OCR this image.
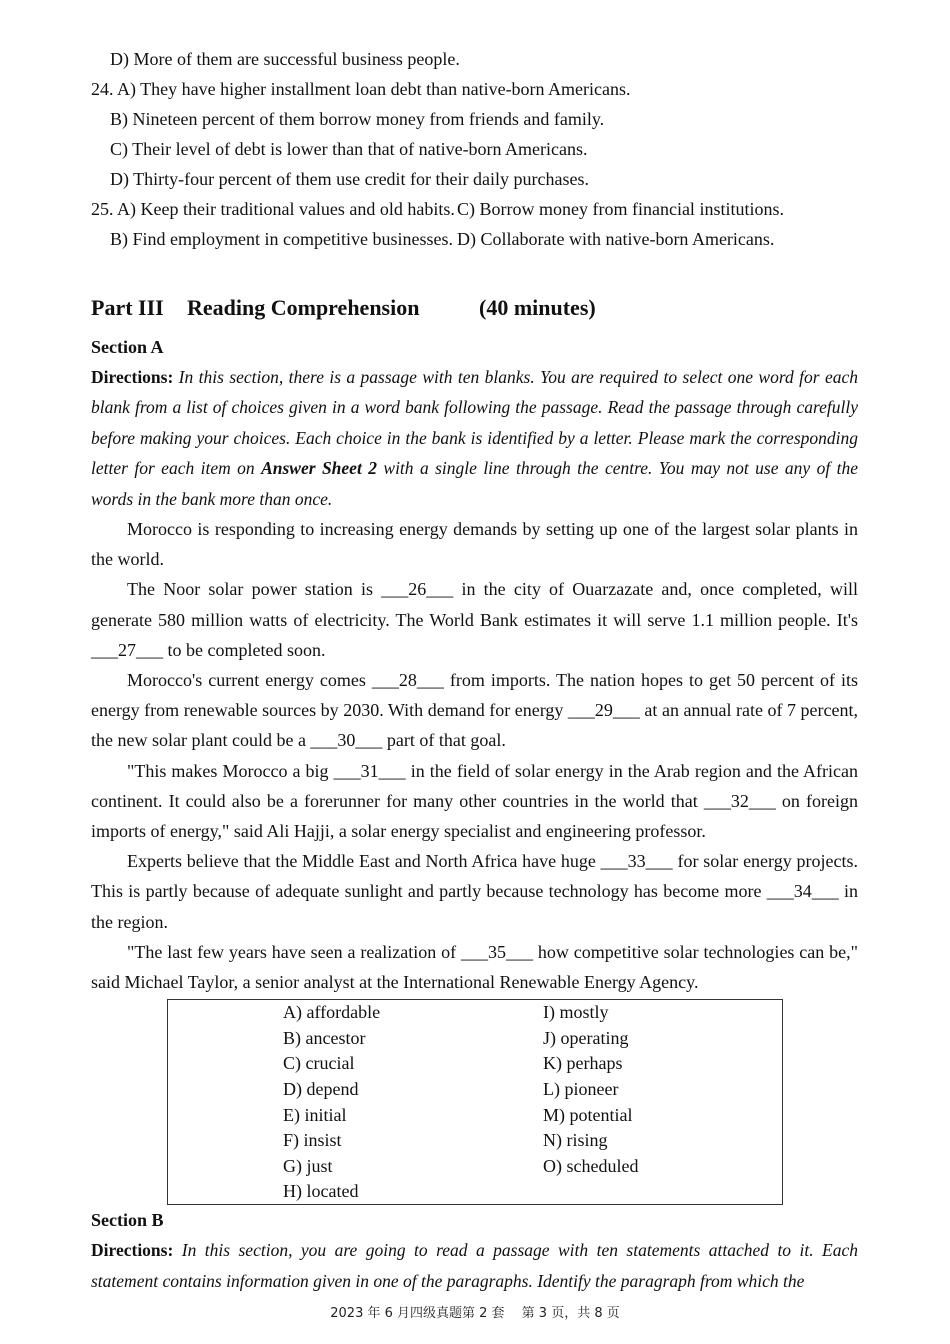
D) More of them are successful business people.
24. A) They have higher installment loan debt than native-born Americans.
B) Nineteen percent of them borrow money from friends and family.
C) Their level of debt is lower than that of native-born Americans.
D) Thirty-four percent of them use credit for their daily purchases.
25. A) Keep their traditional values and old habits. C) Borrow money from financial institutions.
B) Find employment in competitive businesses. D) Collaborate with native-born Americans.
Part III Reading Comprehension	(40 minutes)
Section A
Directions: In this section, there is a passage with ten blanks. You are required to select one word for each blank from a list of choices given in a word bank following the passage. Read the passage through carefully before making your choices. Each choice in the bank is identified by a letter. Please mark the corresponding letter for each item on Answer Sheet 2 with a single line through the centre. You may not use any of the words in the bank more than once.
Morocco is responding to increasing energy demands by setting up one of the largest solar plants in the world.
The Noor solar power station is ___26___ in the city of Ouarzazate and, once completed, will generate 580 million watts of electricity. The World Bank estimates it will serve 1.1 million people. It's ___27___ to be completed soon.
Morocco's current energy comes ___28___ from imports. The nation hopes to get 50 percent of its energy from renewable sources by 2030. With demand for energy ___29___ at an annual rate of 7 percent, the new solar plant could be a ___30___ part of that goal.
"This makes Morocco a big ___31___ in the field of solar energy in the Arab region and the African continent. It could also be a forerunner for many other countries in the world that ___32___ on foreign imports of energy," said Ali Hajji, a solar energy specialist and engineering professor.
Experts believe that the Middle East and North Africa have huge ___33___ for solar energy projects. This is partly because of adequate sunlight and partly because technology has become more ___34___ in the region.
"The last few years have seen a realization of ___35___ how competitive solar technologies can be," said Michael Taylor, a senior analyst at the International Renewable Energy Agency.
A) affordable
B) ancestor
C) crucial
D) depend
E) initial
F) insist
G) just
H) located
I) mostly
J) operating
K) perhaps
L) pioneer
M) potential
N) rising
O) scheduled
Section B
Directions: In this section, you are going to read a passage with ten statements attached to it. Each statement contains information given in one of the paragraphs. Identify the paragraph from which the
2023 年 6 月四级真题第 2 套　 第 3 页，共 8 页
